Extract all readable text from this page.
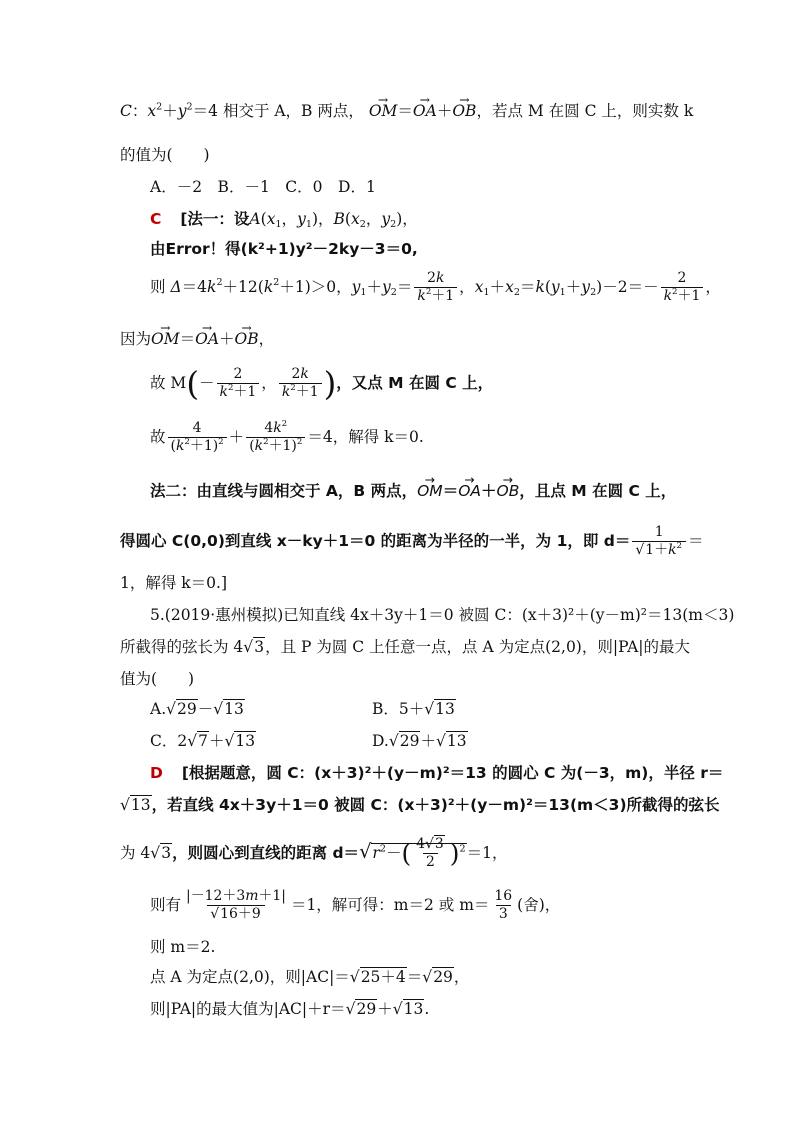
C：$x^2+y^2=4$ 相交于 A，B 两点， → OM＝→ OA＋→ OB，若点 M 在圆 C 上，则实数 k
的值为(　　)
A．－2　B．－1　C．0　D．1
C [法一：设$A(x_1$，$y_1$)，$B(x_2$，$y_2$)，
由Error！得(k²+1)y²－2ky－3＝0,
则 $\Delta=4k^2+12(k^2+1)>0$，$y_1+y_2= \frac{2k}{k^2+1}$ ，$x_1+x_2=k(y_1+y_2)-2=- \frac{2}{k^2+1}$ ，
因为→ OM＝→ OA＋→ OB，
故 $M(- \frac{2}{k^2+1}$ ， $\frac{2k}{k^2+1}$ )，又点 M 在圆 C 上，
故 $\frac{4}{(k^2+1)^2} + \frac{4k^2}{(k^2+1)^2} =4$，解得 k＝0.
法二：由直线与圆相交于 A，B 两点，→ OM＝→ OA＋→ OB，且点 M 在圆 C 上，
得圆心 C(0,0)到直线 x－ky＋1＝0 的距离为半径的一半，为 1，即 d＝ 1
√ $1+k^2$ ＝
1，解得 k＝0.]
5.(2019·惠州模拟)已知直线 4x＋3y＋1＝0 被圆 C：(x＋3)²＋(y－m)²＝13(m＜3)
所截得的弦长为 4 √ 3，且 P 为圆 C 上任意一点，点 A 为定点(2,0)，则|PA|的最大
值为(　　)
A. √ 29－ √ 13	B．5＋ √ 13
C．2 √ 7＋ √ 13	D. √ 29＋ √ 13
D [根据题意，圆 C：(x＋3)²＋(y－m)²＝13 的圆心 C 为(－3，m)，半径 r＝
√ 13，若直线 4x＋3y＋1＝0 被圆 C：(x＋3)²＋(y－m)²＝13(m＜3)所截得的弦长
为 4 √ 3，则圆心到直线的距离 d＝ √ $r^2-( \frac{4 √ 3}{2} )^2=1$，
则有 |－12＋3m＋1|
√ 16＋9 ＝1，解可得：m＝2 或 $m= \frac{16}{3}$ (舍)，
则 m＝2.
点 A 为定点(2,0)，则|AC|＝ √ 25＋4＝ √ 29，
则|PA|的最大值为|AC|＋r＝ √ 29＋ √ 13.
